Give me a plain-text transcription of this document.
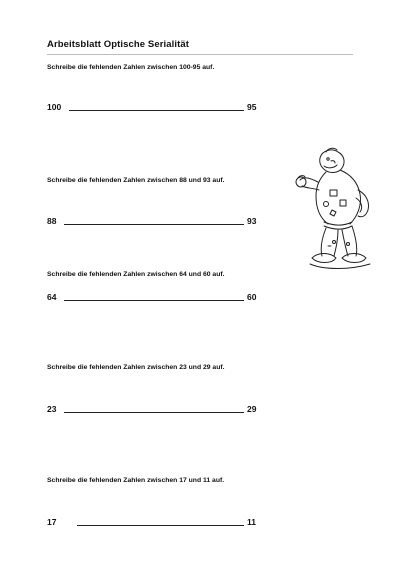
Arbeitsblatt Optische Serialität
Schreibe die fehlenden Zahlen zwischen 100-95 auf.
100	95
Schreibe die fehlenden Zahlen zwischen 88 und 93 auf.
88	93
Schreibe die fehlenden Zahlen zwischen 64 und 60 auf.
64	60
Schreibe die fehlenden Zahlen zwischen 23 und 29 auf.
23	29
Schreibe die fehlenden Zahlen zwischen 17 und 11 auf.
17	11
